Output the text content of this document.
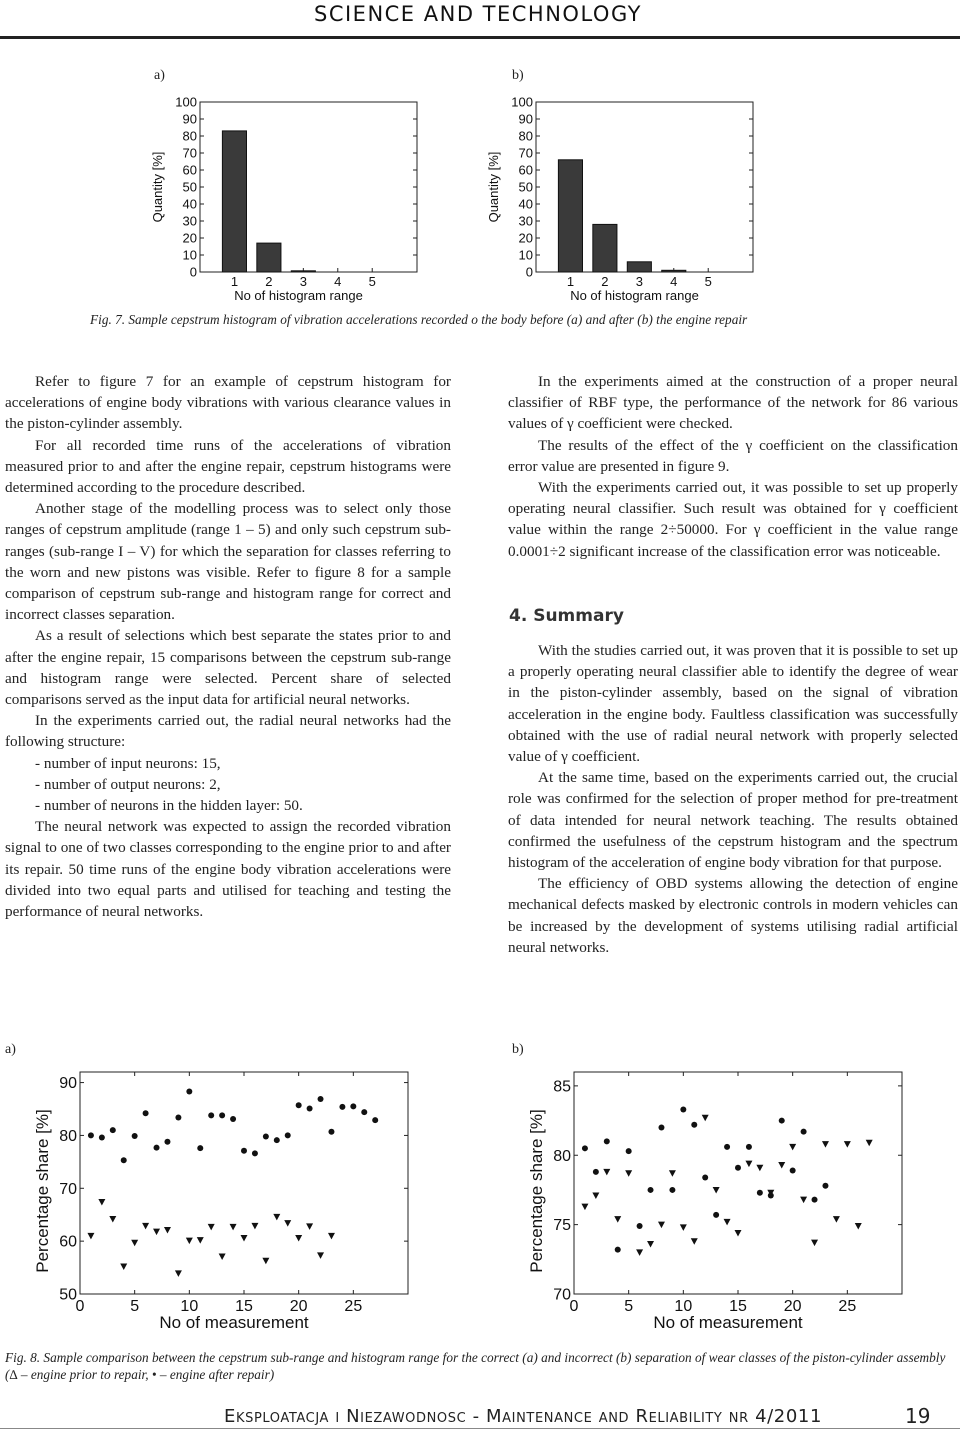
SCIENCE AND TECHNOLOGY
a)	b)
0
10
20
30
40
50
60
70
80
90
100
1 2 3 4 5
No of histogram range
Quantity [%]
0
10
20
30
40
50
60
70
80
90
100
1 2 3 4 5
No of histogram range
Quantity [%]
Fig. 7. Sample cepstrum histogram of vibration accelerations recorded o the body before (a) and after (b) the engine repair

Refer to figure 7 for an example of cepstrum histogram for accelerations of engine body vibrations with various clearance values in the piston-cylinder assembly.

For all recorded time runs of the accelerations of vibration measured prior to and after the engine repair, cepstrum histograms were determined according to the procedure described.

Another stage of the modelling process was to select only those ranges of cepstrum amplitude (range 1 – 5) and only such cepstrum sub-ranges (sub-range I – V) for which the separation for classes referring to the worn and new pistons was visible. Refer to figure 8 for a sample comparison of cepstrum sub-range and histogram range for correct and incorrect classes separation.

As a result of selections which best separate the states prior to and after the engine repair, 15 comparisons between the cepstrum sub-range and histogram range were selected. Percent share of selected comparisons served as the input data for artificial neural networks.

In the experiments carried out, the radial neural networks had the following structure:

- number of input neurons: 15,

- number of output neurons: 2,

- number of neurons in the hidden layer: 50.

The neural network was expected to assign the recorded vibration signal to one of two classes corresponding to the engine prior to and after its repair. 50 time runs of the engine body vibration accelerations were divided into two equal parts and utilised for teaching and testing the performance of neural networks.

In the experiments aimed at the construction of a proper neural classifier of RBF type, the performance of the network for 86 various values of γ coefficient were checked.

The results of the effect of the γ coefficient on the classification error value are presented in figure 9.

With the experiments carried out, it was possible to set up properly operating neural classifier. Such result was obtained for γ coefficient value within the range 2÷50000. For γ coefficient in the value range 0.0001÷2 significant increase of the classification error was noticeable.

4. Summary

With the studies carried out, it was proven that it is possible to set up a properly operating neural classifier able to identify the degree of wear in the piston-cylinder assembly, based on the signal of vibration acceleration in the engine body. Faultless classification was successfully obtained with the use of radial neural network with properly selected value of γ coefficient.

At the same time, based on the experiments carried out, the crucial role was confirmed for the selection of proper method for pre-treatment of data intended for neural network teaching. The results obtained confirmed the usefulness of the cepstrum histogram and the spectrum histogram of the acceleration of engine body vibration for that purpose.

The efficiency of OBD systems allowing the detection of engine mechanical defects masked by electronic controls in modern vehicles can be increased by the development of systems utilising radial artificial neural networks.

a)	b)
50
60
70
80
90
0	5	10 15 20 25
No of measurement
Percentage share [%]
70
75
80
85
0	5	10 15 20 25
No of measurement
Percentage share [%]
Fig. 8. Sample comparison between the cepstrum sub-range and histogram range for the correct (a) and incorrect (b) separation of wear classes of the piston-cylinder assembly (∆ – engine prior to repair, • – engine after repair)
Eksploatacja i Niezawodnosc - Maintenance and Reliability nr 4/2011	19
